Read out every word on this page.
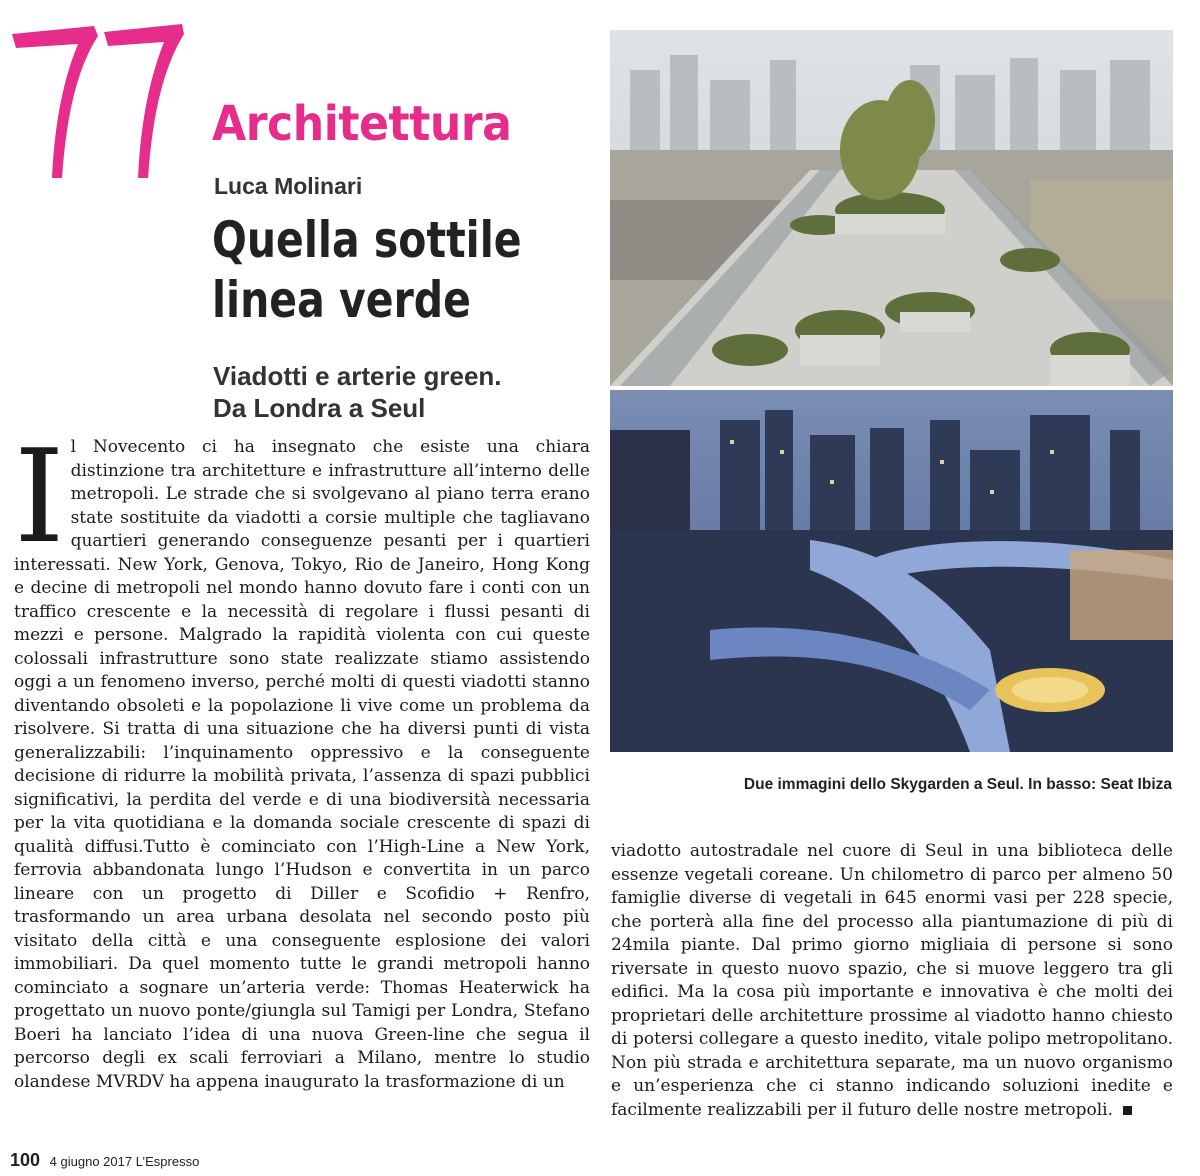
17
Architettura
Luca Molinari
Quella sottile
linea verde
Viadotti e arterie green.
Da Londra a Seul
I l Novecento ci ha insegnato che esiste una chiara distinzione tra architetture e infrastrutture all’interno delle metropoli. Le strade che si svolgevano al piano terra erano state sostituite da viadotti a corsie multiple che tagliavano quartieri generando conseguenze pesanti per i quartieri interessati. New York, Genova, Tokyo, Rio de Janeiro, Hong Kong e decine di metropoli nel mondo hanno dovuto fare i conti con un traffico crescente e la necessità di regolare i flussi pesanti di mezzi e persone. Malgrado la rapidità violenta con cui queste colossali infrastrutture sono state realizzate stiamo assistendo oggi a un fenomeno inverso, perché molti di questi viadotti stanno diventando obsoleti e la popolazione li vive come un problema da risolvere. Si tratta di una situazione che ha diversi punti di vista generalizzabili: l’inquinamento oppressivo e la conseguente decisione di ridurre la mobilità privata, l’assenza di spazi pubblici significativi, la perdita del verde e di una biodiversità necessaria per la vita quotidiana e la domanda sociale crescente di spazi di qualità diffusi.Tutto è cominciato con l’High-Line a New York, ferrovia abbandonata lungo l’Hudson e convertita in un parco lineare con un progetto di Diller e Scofidio + Renfro, trasformando un area urbana desolata nel secondo posto più visitato della città e una conseguente esplosione dei valori immobiliari. Da quel momento tutte le grandi metropoli hanno cominciato a sognare un’arteria verde: Thomas Heaterwick ha progettato un nuovo ponte/giungla sul Tamigi per Londra, Stefano Boeri ha lanciato l’idea di una nuova Green-line che segua il percorso degli ex scali ferroviari a Milano, mentre lo studio olandese MVRDV ha appena inaugurato la trasformazione di un
Due immagini dello Skygarden a Seul. In basso: Seat Ibiza
viadotto autostradale nel cuore di Seul in una biblioteca delle essenze vegetali coreane. Un chilometro di parco per almeno 50 famiglie diverse di vegetali in 645 enormi vasi per 228 specie, che porterà alla fine del processo alla piantumazione di più di 24mila piante. Dal primo giorno migliaia di persone si sono riversate in questo nuovo spazio, che si muove leggero tra gli edifici. Ma la cosa più importante e innovativa è che molti dei proprietari delle architetture prossime al viadotto hanno chiesto di potersi collegare a questo inedito, vitale polipo metropolitano. Non più strada e architettura separate, ma un nuovo organismo e un’esperienza che ci stanno indicando soluzioni inedite e facilmente realizzabili per il futuro delle nostre metropoli.
100 4 giugno 2017 L’Espresso
